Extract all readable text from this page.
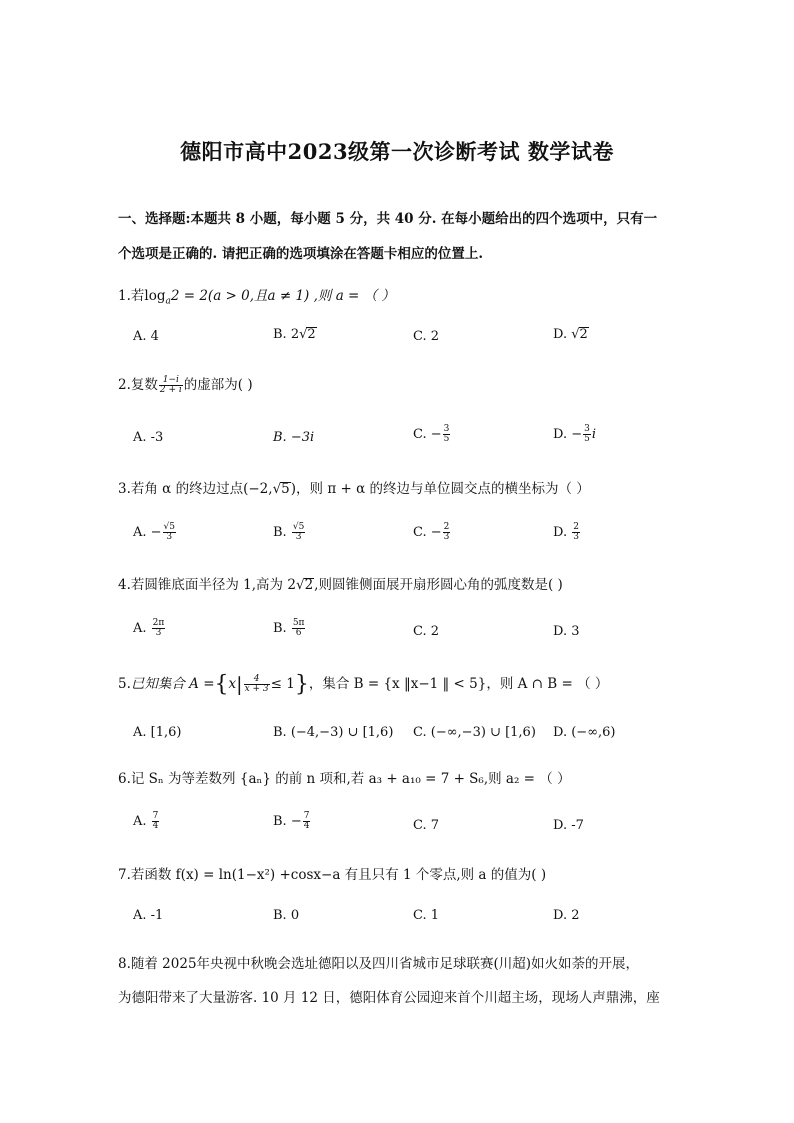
德阳市高中2023级第一次诊断考试 数学试卷
一、选择题:本题共 8 小题，每小题 5 分，共 40 分. 在每小题给出的四个选项中，只有一
个选项是正确的. 请把正确的选项填涂在答题卡相应的位置上.
1.若$\log_a2 = 2(a > 0$,且a ≠ 1) ,则 a = （ ）
A. 4	B. 2√2	C. 2	D. √2
2.复数 $\frac{1-i}{2 + i}$ 的虚部为( )
A. -3	B. −3i	C. − $\frac{3}{5}$	D. − $\frac{3}{5}$ i
3.若角 α 的终边过点(−2,√5)，则 π + α 的终边与单位圆交点的横坐标为（ ）
A. − $\frac{√5}{3}$	B. $\frac{√5}{3}$	C. − $\frac{2}{3}$	D. $\frac{2}{3}$
4.若圆锥底面半径为 1,高为 2√2,则圆锥侧面展开扇形圆心角的弧度数是( )
A. $\frac{2\pi}{3}$	B. $\frac{5\pi}{6}$	C. 2	D. 3
5.已知集合 $A =\{x| \frac{4}{x + 3} \le 1\}$，集合 B = {x ‖x−1 ‖ < 5}，则 A ∩ B = （ ）
A. [1,6)	B. (−4,−3) ∪ [1,6) C. (−∞,−3) ∪ [1,6) D. (−∞,6)
6.记 Sₙ 为等差数列 {aₙ} 的前 n 项和,若 a₃ + a₁₀ = 7 + S₆,则 a₂ = （ ）
A. $\frac{7}{4}$	B. − $\frac{7}{4}$	C. 7	D. -7
7.若函数 f(x) = ln(1−x²) +cosx−a 有且只有 1 个零点,则 a 的值为( )
A. -1	B. 0	C. 1	D. 2
8.随着 2025年央视中秋晚会选址德阳以及四川省城市足球联赛(川超)如火如荼的开展，
为德阳带来了大量游客. 10 月 12 日，德阳体育公园迎来首个川超主场，现场人声鼎沸，座
